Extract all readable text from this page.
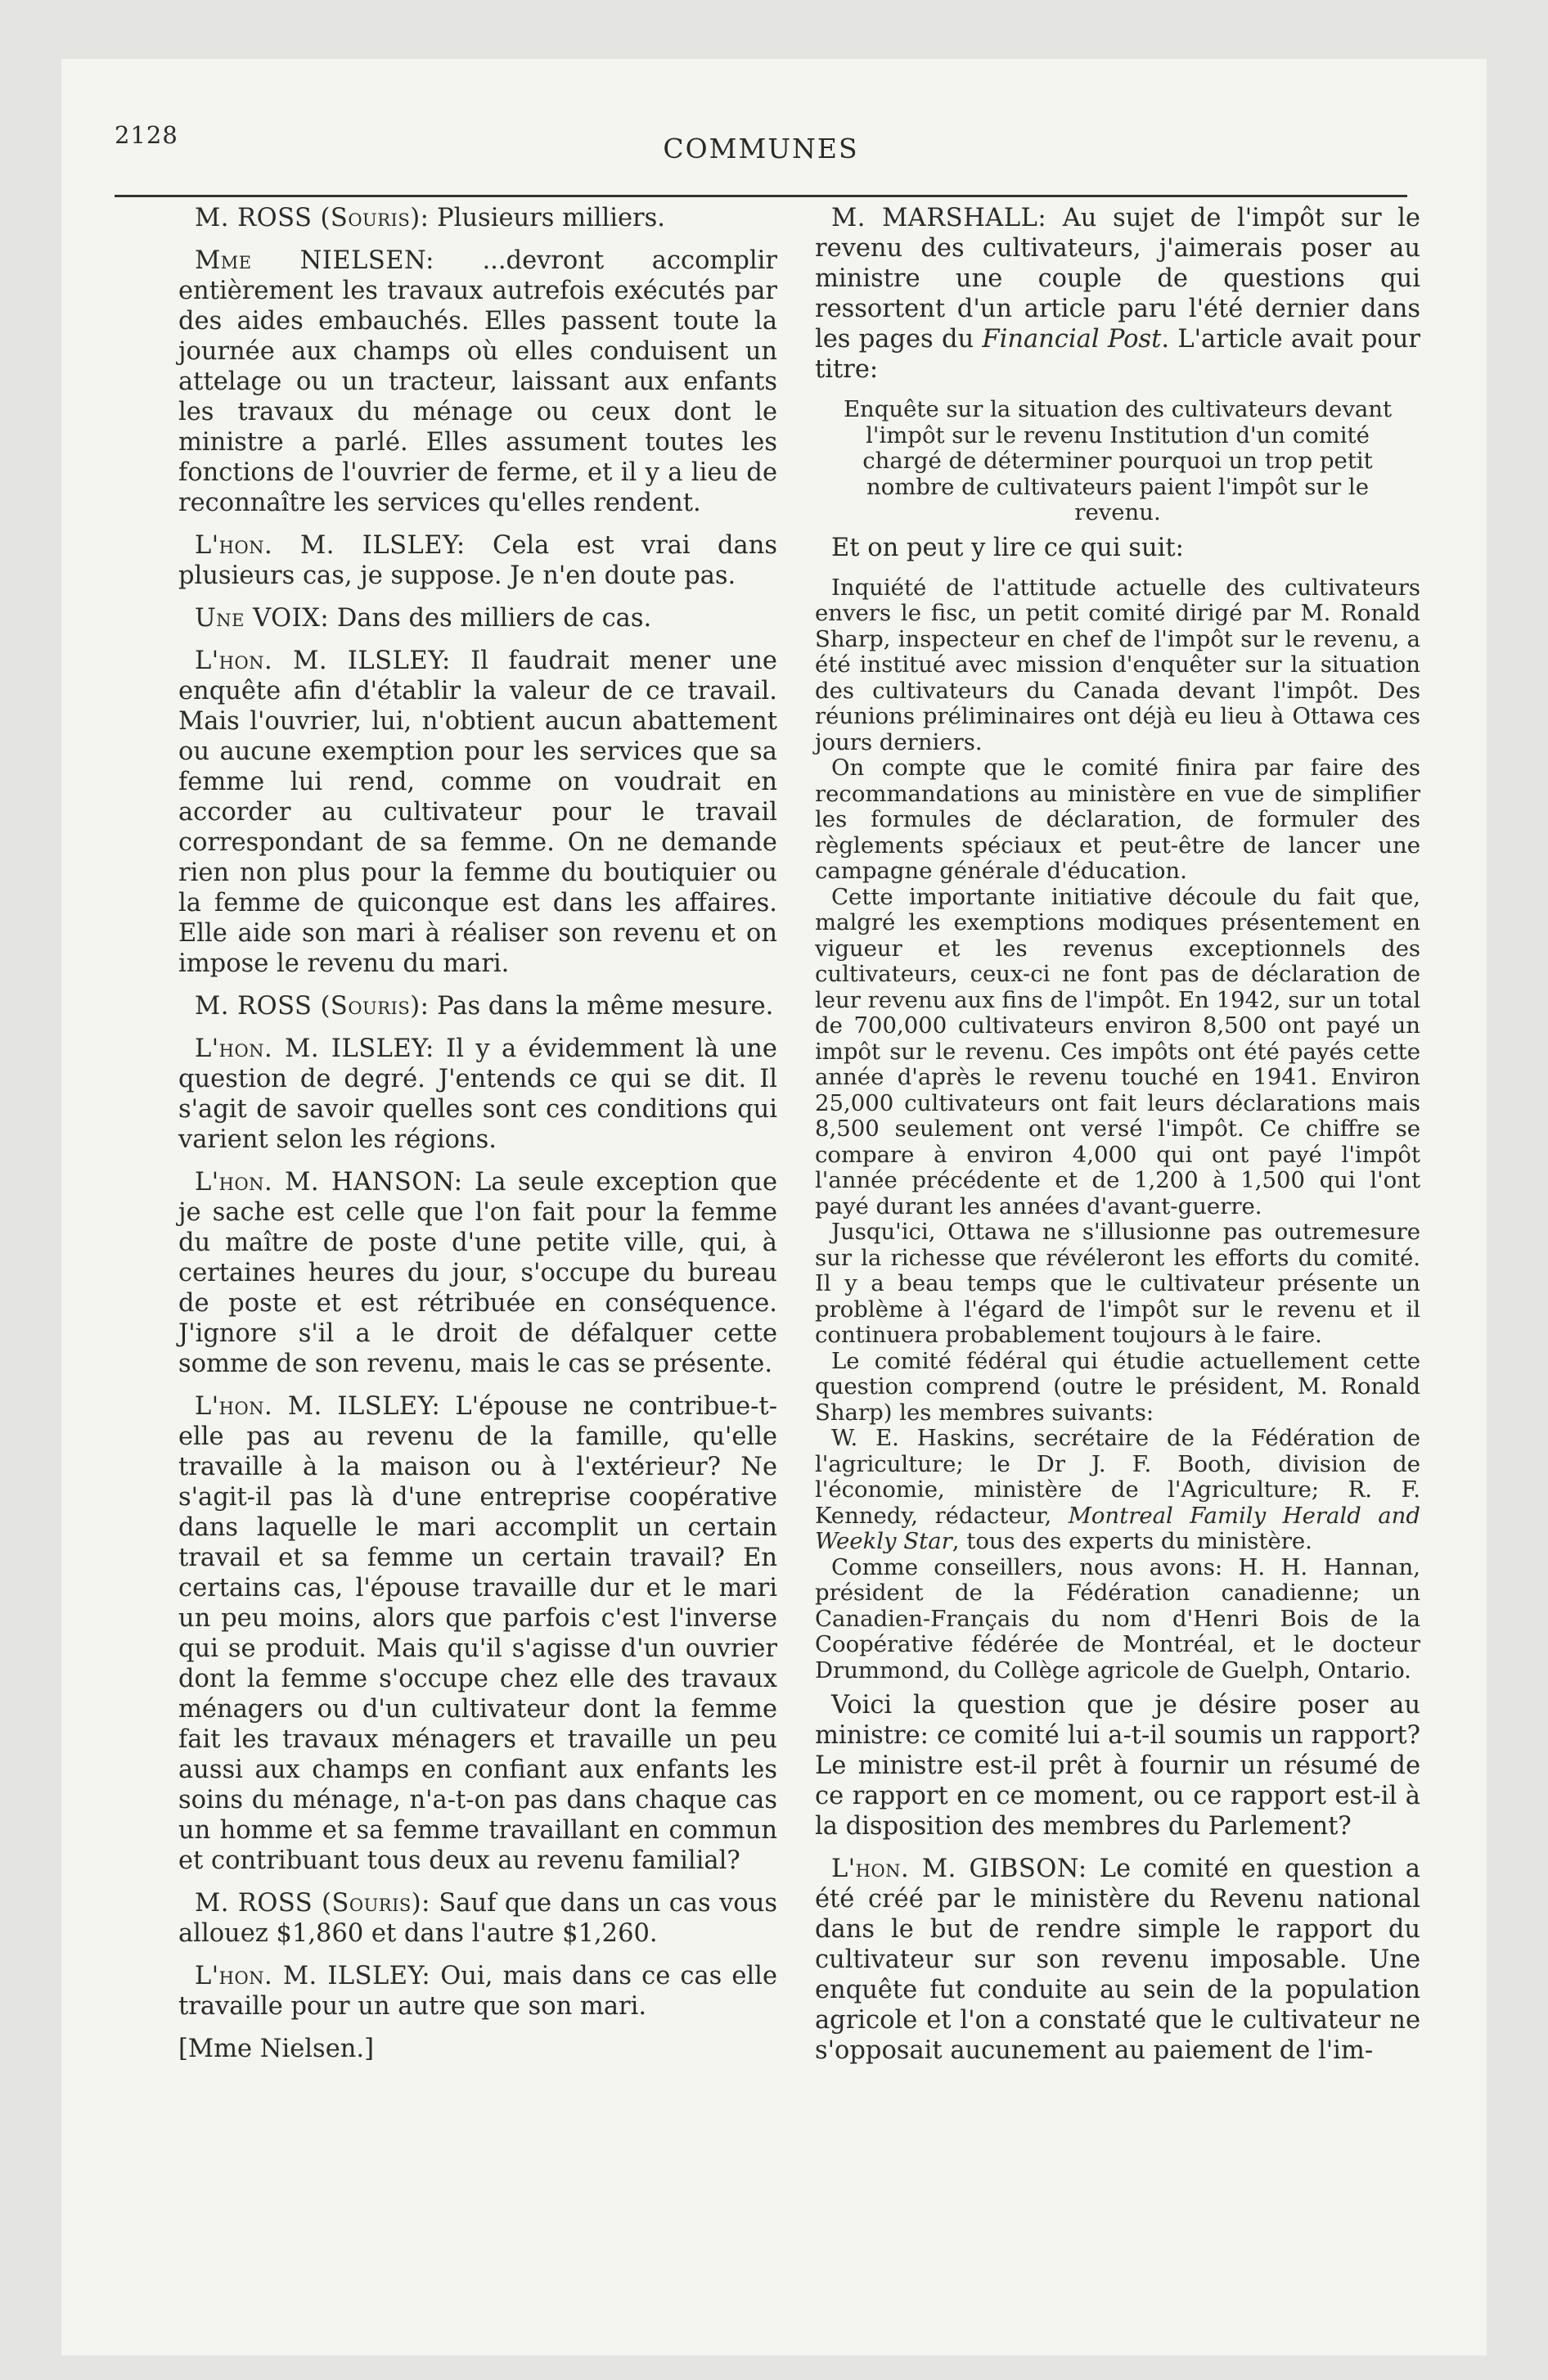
2128	COMMUNES

M. ROSS (Souris): Plusieurs milliers.

Mme NIELSEN: ...devront accomplir entièrement les travaux autrefois exécutés par des aides embauchés. Elles passent toute la journée aux champs où elles conduisent un attelage ou un tracteur, laissant aux enfants les travaux du ménage ou ceux dont le ministre a parlé. Elles assument toutes les fonctions de l'ouvrier de ferme, et il y a lieu de reconnaître les services qu'elles rendent.

L'hon. M. ILSLEY: Cela est vrai dans plusieurs cas, je suppose. Je n'en doute pas.

Une VOIX: Dans des milliers de cas.

L'hon. M. ILSLEY: Il faudrait mener une enquête afin d'établir la valeur de ce travail. Mais l'ouvrier, lui, n'obtient aucun abattement ou aucune exemption pour les services que sa femme lui rend, comme on voudrait en accorder au cultivateur pour le travail correspondant de sa femme. On ne demande rien non plus pour la femme du boutiquier ou la femme de quiconque est dans les affaires. Elle aide son mari à réaliser son revenu et on impose le revenu du mari.

M. ROSS (Souris): Pas dans la même mesure.

L'hon. M. ILSLEY: Il y a évidemment là une question de degré. J'entends ce qui se dit. Il s'agit de savoir quelles sont ces conditions qui varient selon les régions.

L'hon. M. HANSON: La seule exception que je sache est celle que l'on fait pour la femme du maître de poste d'une petite ville, qui, à certaines heures du jour, s'occupe du bureau de poste et est rétribuée en conséquence. J'ignore s'il a le droit de défalquer cette somme de son revenu, mais le cas se présente.

L'hon. M. ILSLEY: L'épouse ne contribue-t-elle pas au revenu de la famille, qu'elle travaille à la maison ou à l'extérieur? Ne s'agit-il pas là d'une entreprise coopérative dans laquelle le mari accomplit un certain travail et sa femme un certain travail? En certains cas, l'épouse travaille dur et le mari un peu moins, alors que parfois c'est l'inverse qui se produit. Mais qu'il s'agisse d'un ouvrier dont la femme s'occupe chez elle des travaux ménagers ou d'un cultivateur dont la femme fait les travaux ménagers et travaille un peu aussi aux champs en confiant aux enfants les soins du ménage, n'a-t-on pas dans chaque cas un homme et sa femme travaillant en commun et contribuant tous deux au revenu familial?

M. ROSS (Souris): Sauf que dans un cas vous allouez $1,860 et dans l'autre $1,260.

L'hon. M. ILSLEY: Oui, mais dans ce cas elle travaille pour un autre que son mari.

[Mme Nielsen.]

M. MARSHALL: Au sujet de l'impôt sur le revenu des cultivateurs, j'aimerais poser au ministre une couple de questions qui ressortent d'un article paru l'été dernier dans les pages du Financial Post. L'article avait pour titre:

Enquête sur la situation des cultivateurs devant l'impôt sur le revenu Institution d'un comité chargé de déterminer pourquoi un trop petit nombre de cultivateurs paient l'impôt sur le revenu.

Et on peut y lire ce qui suit:

Inquiété de l'attitude actuelle des cultivateurs envers le fisc, un petit comité dirigé par M. Ronald Sharp, inspecteur en chef de l'impôt sur le revenu, a été institué avec mission d'enquêter sur la situation des cultivateurs du Canada devant l'impôt. Des réunions préliminaires ont déjà eu lieu à Ottawa ces jours derniers.

On compte que le comité finira par faire des recommandations au ministère en vue de simplifier les formules de déclaration, de formuler des règlements spéciaux et peut-être de lancer une campagne générale d'éducation.

Cette importante initiative découle du fait que, malgré les exemptions modiques présentement en vigueur et les revenus exceptionnels des cultivateurs, ceux-ci ne font pas de déclaration de leur revenu aux fins de l'impôt. En 1942, sur un total de 700,000 cultivateurs environ 8,500 ont payé un impôt sur le revenu. Ces impôts ont été payés cette année d'après le revenu touché en 1941. Environ 25,000 cultivateurs ont fait leurs déclarations mais 8,500 seulement ont versé l'impôt. Ce chiffre se compare à environ 4,000 qui ont payé l'impôt l'année précédente et de 1,200 à 1,500 qui l'ont payé durant les années d'avant-guerre.

Jusqu'ici, Ottawa ne s'illusionne pas outremesure sur la richesse que révéleront les efforts du comité. Il y a beau temps que le cultivateur présente un problème à l'égard de l'impôt sur le revenu et il continuera probablement toujours à le faire.

Le comité fédéral qui étudie actuellement cette question comprend (outre le président, M. Ronald Sharp) les membres suivants:

W. E. Haskins, secrétaire de la Fédération de l'agriculture; le Dr J. F. Booth, division de l'économie, ministère de l'Agriculture; R. F. Kennedy, rédacteur, Montreal Family Herald and Weekly Star, tous des experts du ministère.

Comme conseillers, nous avons: H. H. Hannan, président de la Fédération canadienne; un Canadien-Français du nom d'Henri Bois de la Coopérative fédérée de Montréal, et le docteur Drummond, du Collège agricole de Guelph, Ontario.

Voici la question que je désire poser au ministre: ce comité lui a-t-il soumis un rapport? Le ministre est-il prêt à fournir un résumé de ce rapport en ce moment, ou ce rapport est-il à la disposition des membres du Parlement?

L'hon. M. GIBSON: Le comité en question a été créé par le ministère du Revenu national dans le but de rendre simple le rapport du cultivateur sur son revenu imposable. Une enquête fut conduite au sein de la population agricole et l'on a constaté que le cultivateur ne s'opposait aucunement au paiement de l'im-
